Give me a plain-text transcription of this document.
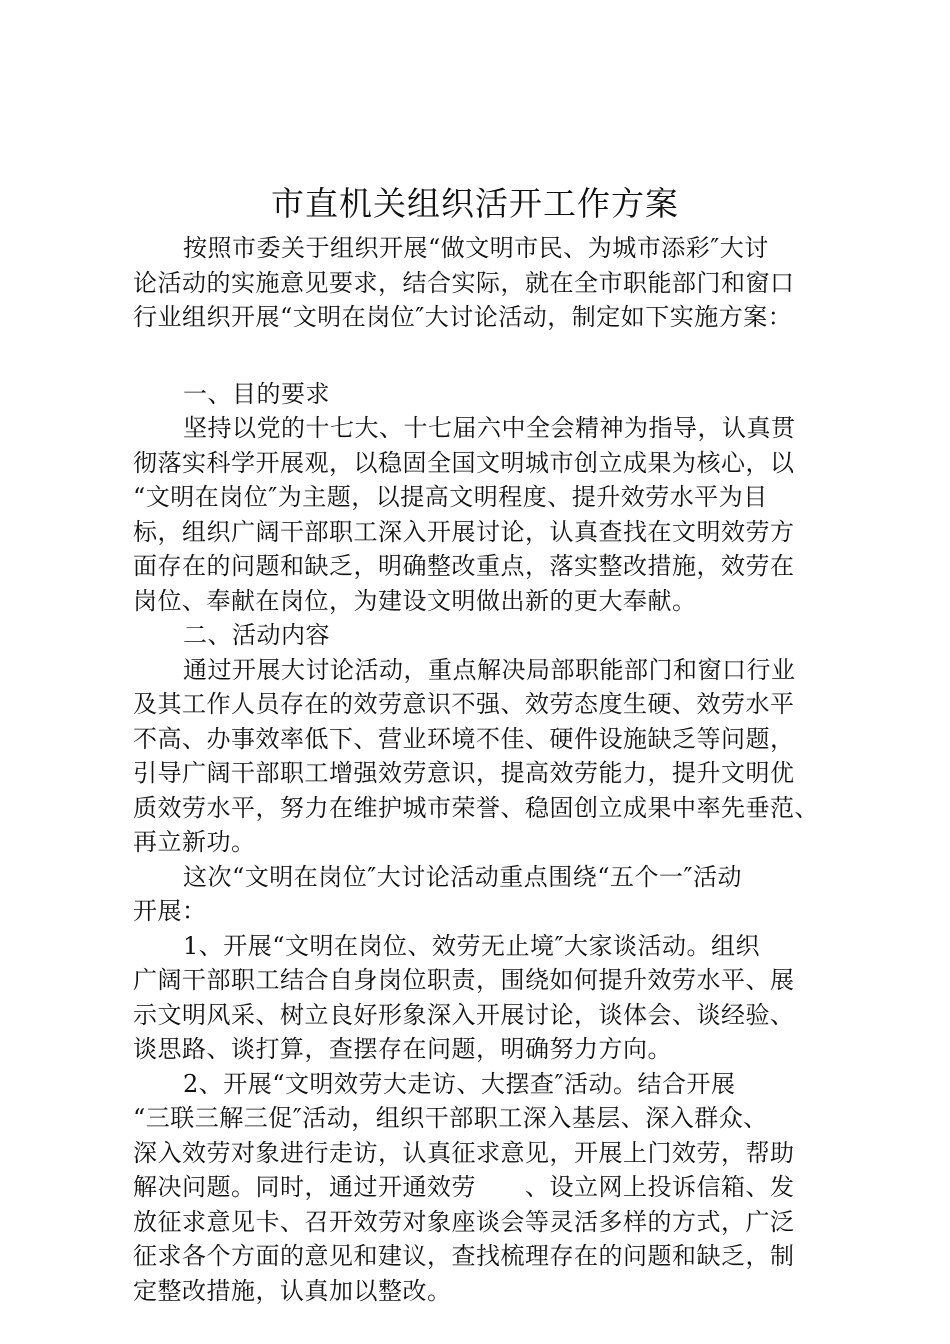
市直机关组织活开工作方案
按照市委关于组织开展“做文明市民、为城市添彩″大讨
论活动的实施意见要求，结合实际，就在全市职能部门和窗口
行业组织开展“文明在岗位″大讨论活动，制定如下实施方案：
一、目的要求
坚持以党的十七大、十七届六中全会精神为指导，认真贯
彻落实科学开展观，以稳固全国文明城市创立成果为核心，以
“文明在岗位″为主题，以提高文明程度、提升效劳水平为目
标，组织广阔干部职工深入开展讨论，认真查找在文明效劳方
面存在的问题和缺乏，明确整改重点，落实整改措施，效劳在
岗位、奉献在岗位，为建设文明做出新的更大奉献。
二、活动内容
通过开展大讨论活动，重点解决局部职能部门和窗口行业
及其工作人员存在的效劳意识不强、效劳态度生硬、效劳水平
不高、办事效率低下、营业环境不佳、硬件设施缺乏等问题，
引导广阔干部职工增强效劳意识，提高效劳能力，提升文明优
质效劳水平，努力在维护城市荣誉、稳固创立成果中率先垂范、
再立新功。
这次“文明在岗位″大讨论活动重点围绕“五个一″活动
开展：
1、开展“文明在岗位、效劳无止境″大家谈活动。组织
广阔干部职工结合自身岗位职责，围绕如何提升效劳水平、展
示文明风采、树立良好形象深入开展讨论，谈体会、谈经验、
谈思路、谈打算，查摆存在问题，明确努力方向。
2、开展“文明效劳大走访、大摆查″活动。结合开展
“三联三解三促″活动，组织干部职工深入基层、深入群众、
深入效劳对象进行走访，认真征求意见，开展上门效劳，帮助
解决问题。同时，通过开通效劳　　、设立网上投诉信箱、发
放征求意见卡、召开效劳对象座谈会等灵活多样的方式，广泛
征求各个方面的意见和建议，查找梳理存在的问题和缺乏，制
定整改措施，认真加以整改。
